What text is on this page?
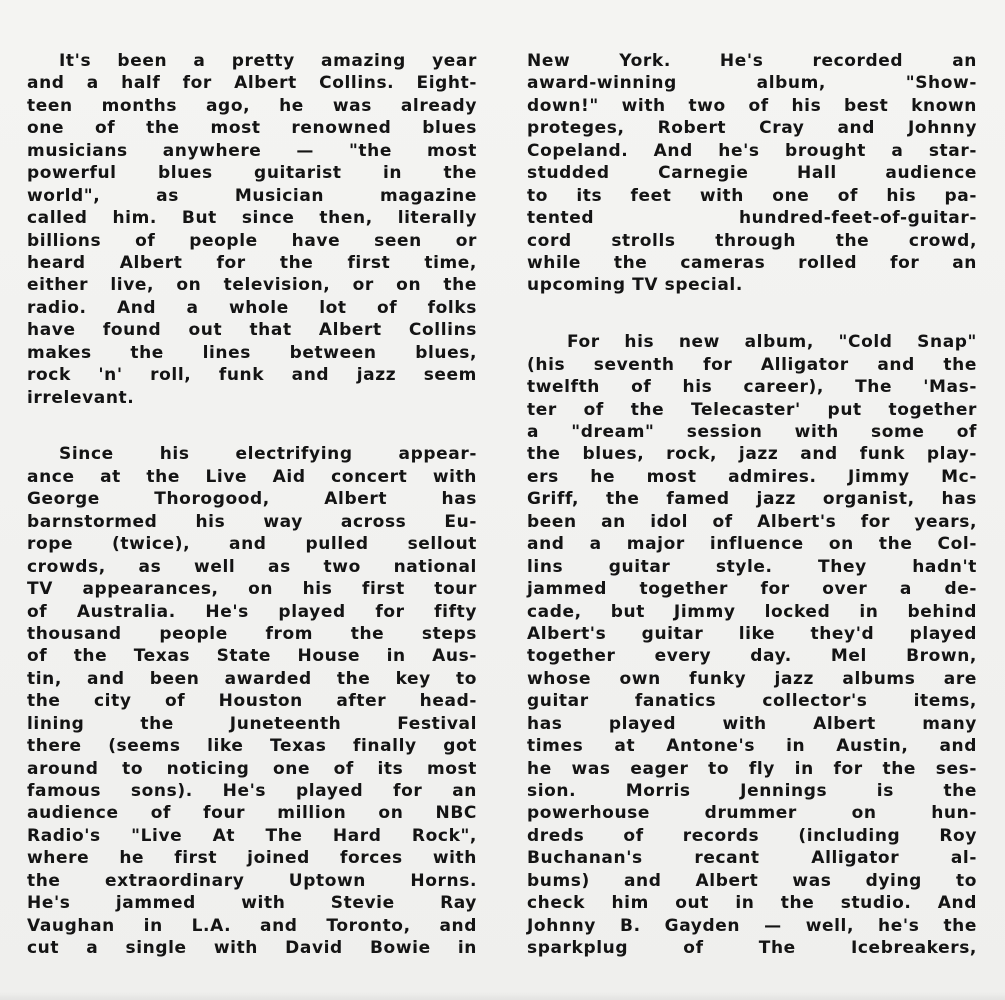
It's been a pretty amazing year
and a half for Albert Collins. Eight-
teen months ago, he was already
one of the most renowned blues
musicians anywhere — "the most
powerful blues guitarist in the
world", as Musician magazine
called him. But since then, literally
billions of people have seen or
heard Albert for the first time,
either live, on television, or on the
radio. And a whole lot of folks
have found out that Albert Collins
makes the lines between blues,
rock 'n' roll, funk and jazz seem
irrelevant.
Since his electrifying appear-
ance at the Live Aid concert with
George Thorogood, Albert has
barnstormed his way across Eu-
rope (twice), and pulled sellout
crowds, as well as two national
TV appearances, on his first tour
of Australia. He's played for fifty
thousand people from the steps
of the Texas State House in Aus-
tin, and been awarded the key to
the city of Houston after head-
lining the Juneteenth Festival
there (seems like Texas finally got
around to noticing one of its most
famous sons). He's played for an
audience of four million on NBC
Radio's "Live At The Hard Rock",
where he first joined forces with
the extraordinary Uptown Horns.
He's jammed with Stevie Ray
Vaughan in L.A. and Toronto, and
cut a single with David Bowie in
New York. He's recorded an
award-winning album, "Show-
down!" with two of his best known
proteges, Robert Cray and Johnny
Copeland. And he's brought a star-
studded Carnegie Hall audience
to its feet with one of his pa-
tented hundred-feet-of-guitar-
cord strolls through the crowd,
while the cameras rolled for an
upcoming TV special.
For his new album, "Cold Snap"
(his seventh for Alligator and the
twelfth of his career), The 'Mas-
ter of the Telecaster' put together
a "dream" session with some of
the blues, rock, jazz and funk play-
ers he most admires. Jimmy Mc-
Griff, the famed jazz organist, has
been an idol of Albert's for years,
and a major influence on the Col-
lins guitar style. They hadn't
jammed together for over a de-
cade, but Jimmy locked in behind
Albert's guitar like they'd played
together every day. Mel Brown,
whose own funky jazz albums are
guitar fanatics collector's items,
has played with Albert many
times at Antone's in Austin, and
he was eager to fly in for the ses-
sion. Morris Jennings is the
powerhouse drummer on hun-
dreds of records (including Roy
Buchanan's recant Alligator al-
bums) and Albert was dying to
check him out in the studio. And
Johnny B. Gayden — well, he's the
sparkplug of The Icebreakers,
